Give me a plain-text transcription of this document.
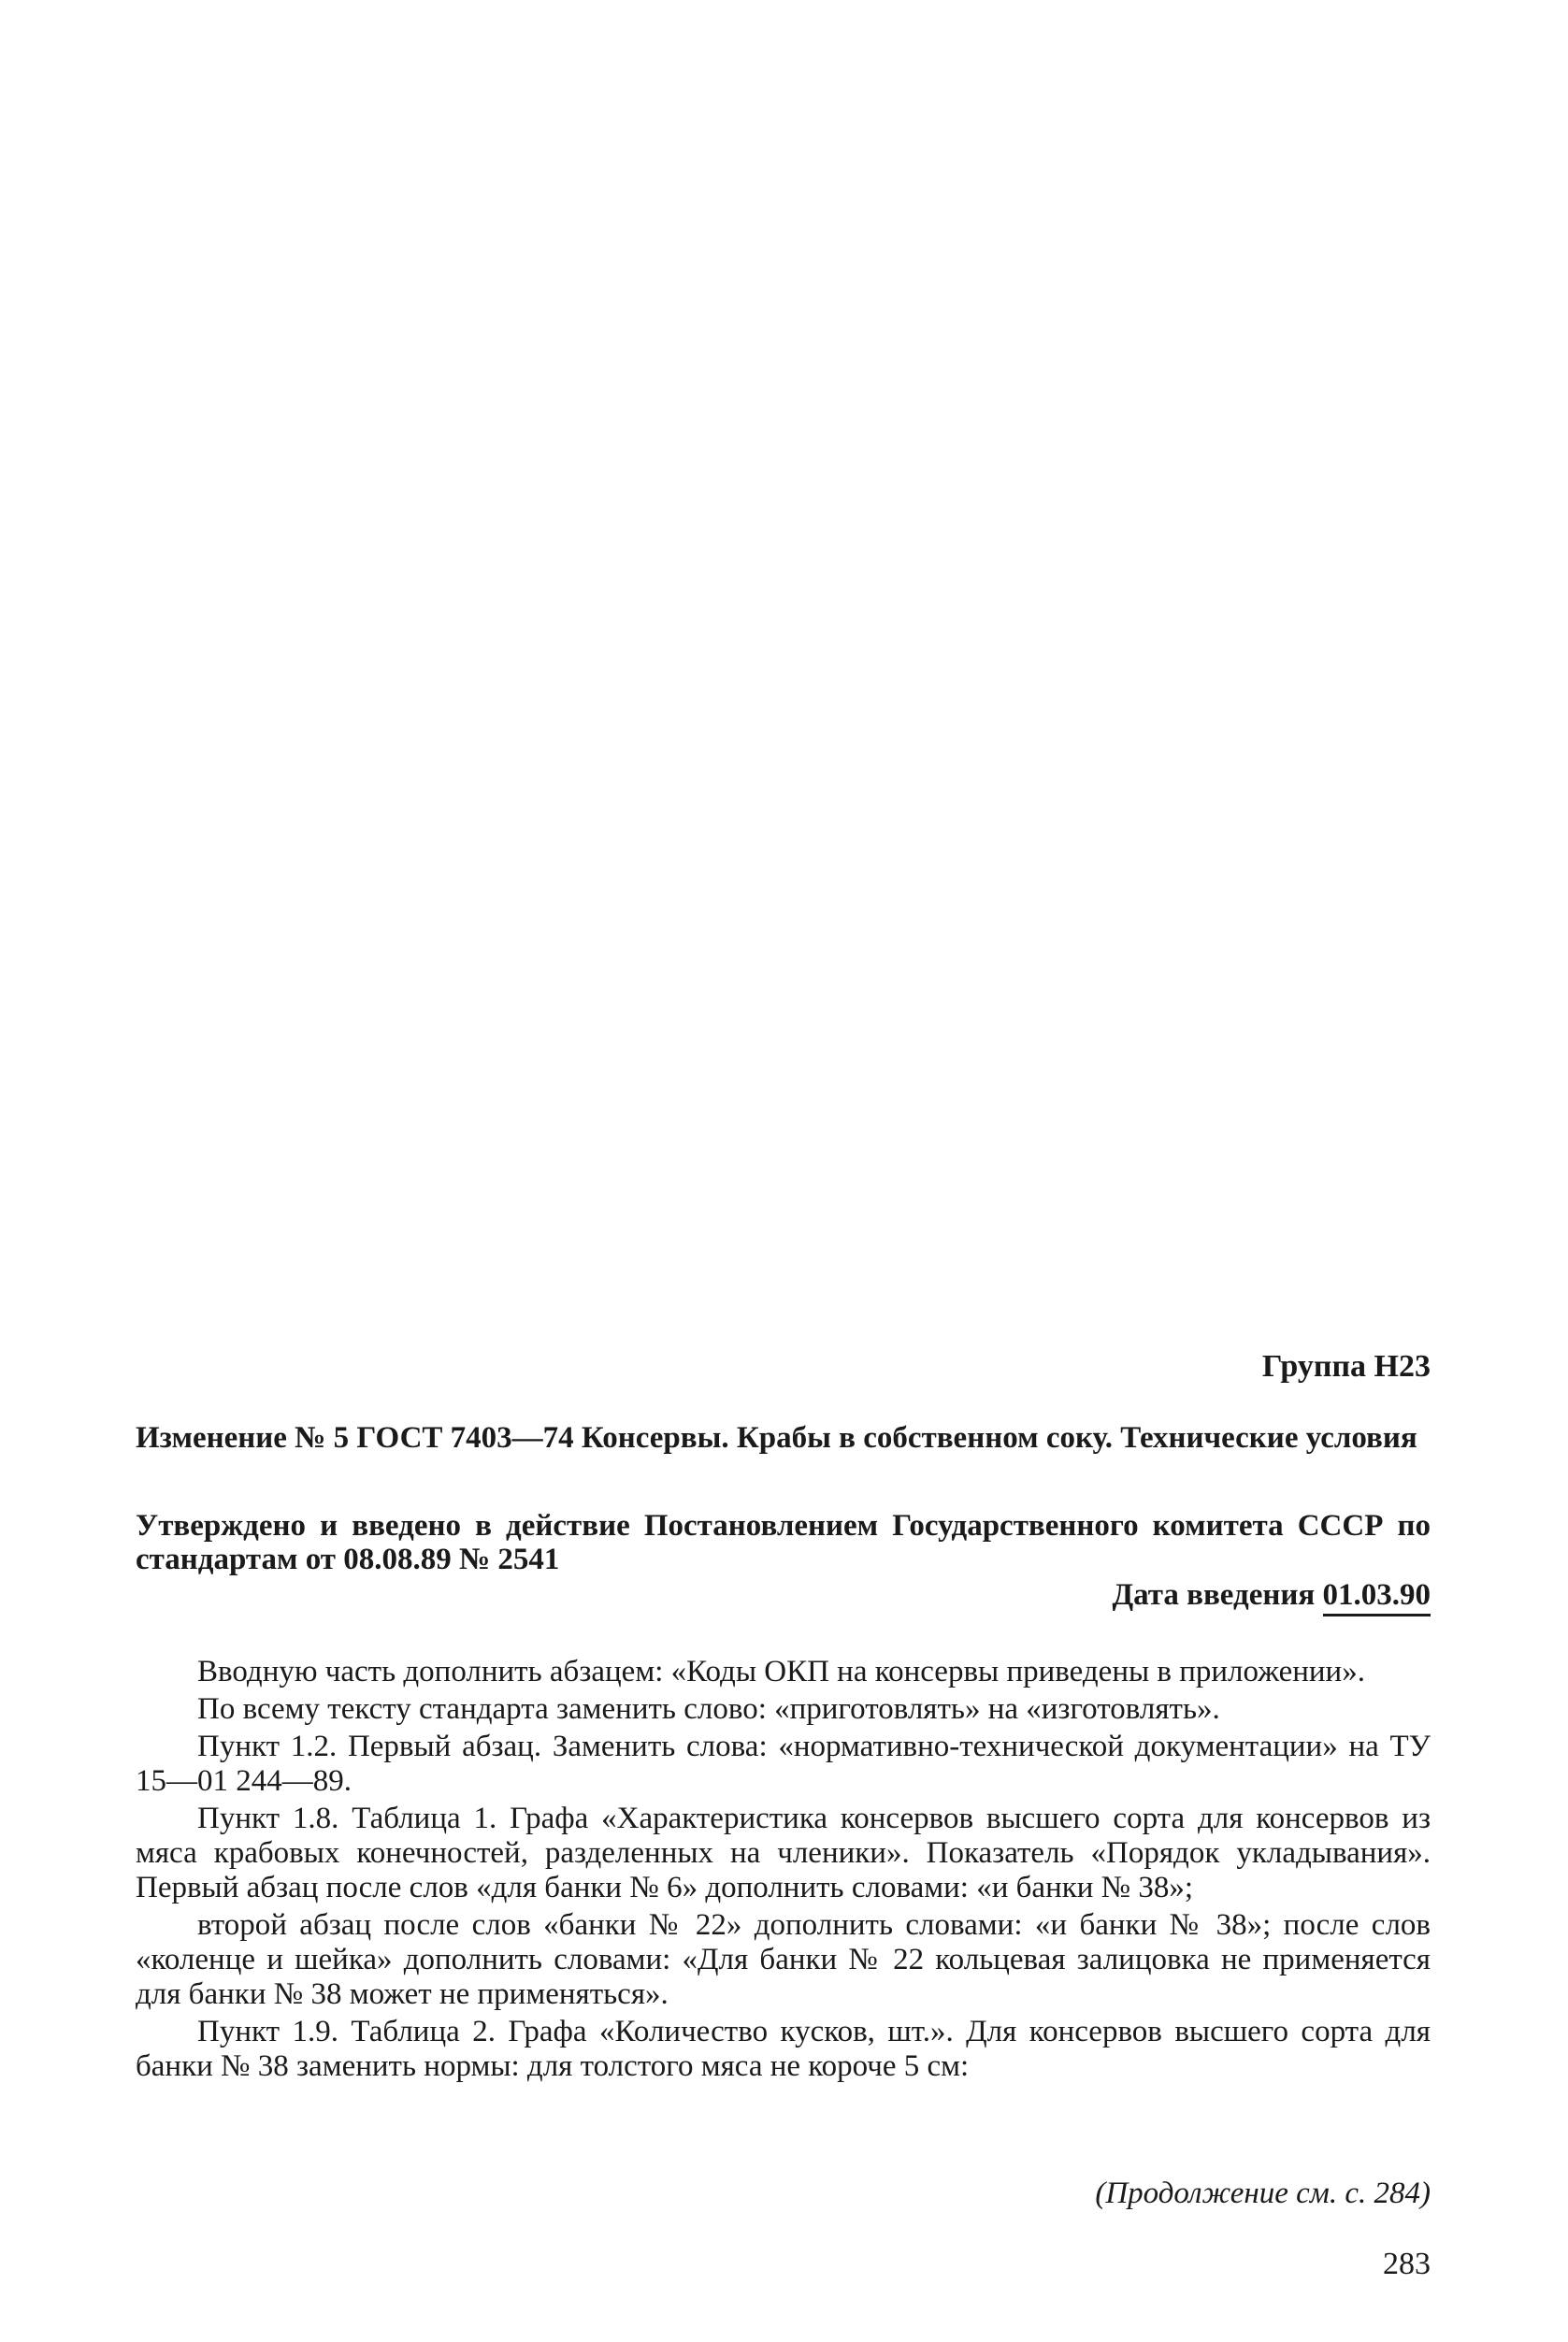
Группа Н23
Изменение № 5 ГОСТ 7403—74 Консервы. Крабы в собственном соку. Технические условия
Утверждено и введено в действие Постановлением Государственного комитета СССР по стандартам от 08.08.89 № 2541
Дата введения 01.03.90

Вводную часть дополнить абзацем: «Коды ОКП на консервы приведены в приложении».

По всему тексту стандарта заменить слово: «приготовлять» на «изготовлять».

Пункт 1.2. Первый абзац. Заменить слова: «нормативно-технической документации» на ТУ 15—01 244—89.

Пункт 1.8. Таблица 1. Графа «Характеристика консервов высшего сорта для консервов из мяса крабовых конечностей, разделенных на членики». Показатель «Порядок укладывания». Первый абзац после слов «для банки № 6» дополнить словами: «и банки № 38»;

второй абзац после слов «банки № 22» дополнить словами: «и банки № 38»; после слов «коленце и шейка» дополнить словами: «Для банки № 22 кольцевая залицовка не применяется для банки № 38 может не применяться».

Пункт 1.9. Таблица 2. Графа «Количество кусков, шт.». Для консервов высшего сорта для банки № 38 заменить нормы: для толстого мяса не короче 5 см:

(Продолжение см. с. 284)
283
